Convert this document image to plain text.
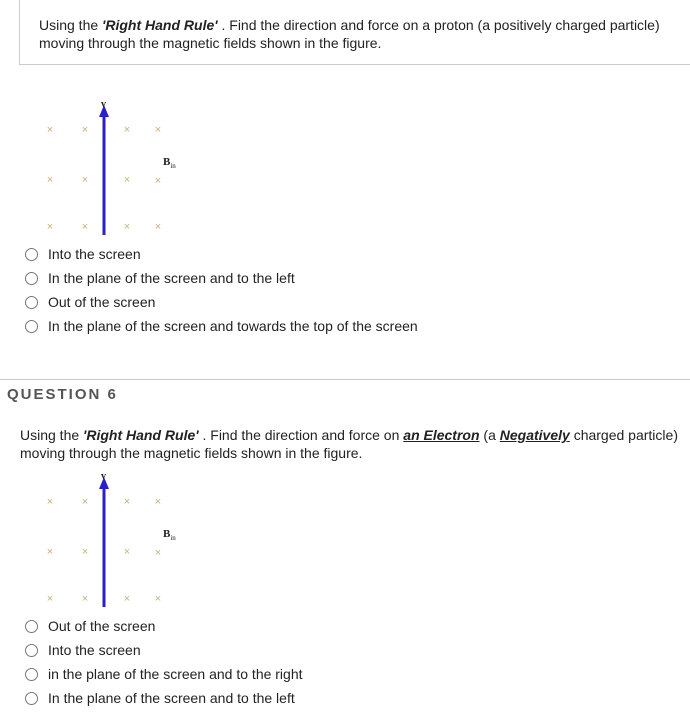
Using the 'Right Hand Rule' . Find the direction and force on a proton (a positively charged particle) moving through the magnetic fields shown in the figure.
×	×	× ×
×	×	× ×
×	×	× ×
v
$B_{in}$
Into the screen
In the plane of the screen and to the left
Out of the screen
In the plane of the screen and towards the top of the screen
QUESTION 6
Using the 'Right Hand Rule' . Find the direction and force on an Electron (a Negatively charged particle) moving through the magnetic fields shown in the figure.
×	×	× ×
×	×	× ×
×	×	× ×
v
$B_{in}$
Out of the screen
Into the screen
in the plane of the screen and to the right
In the plane of the screen and to the left
